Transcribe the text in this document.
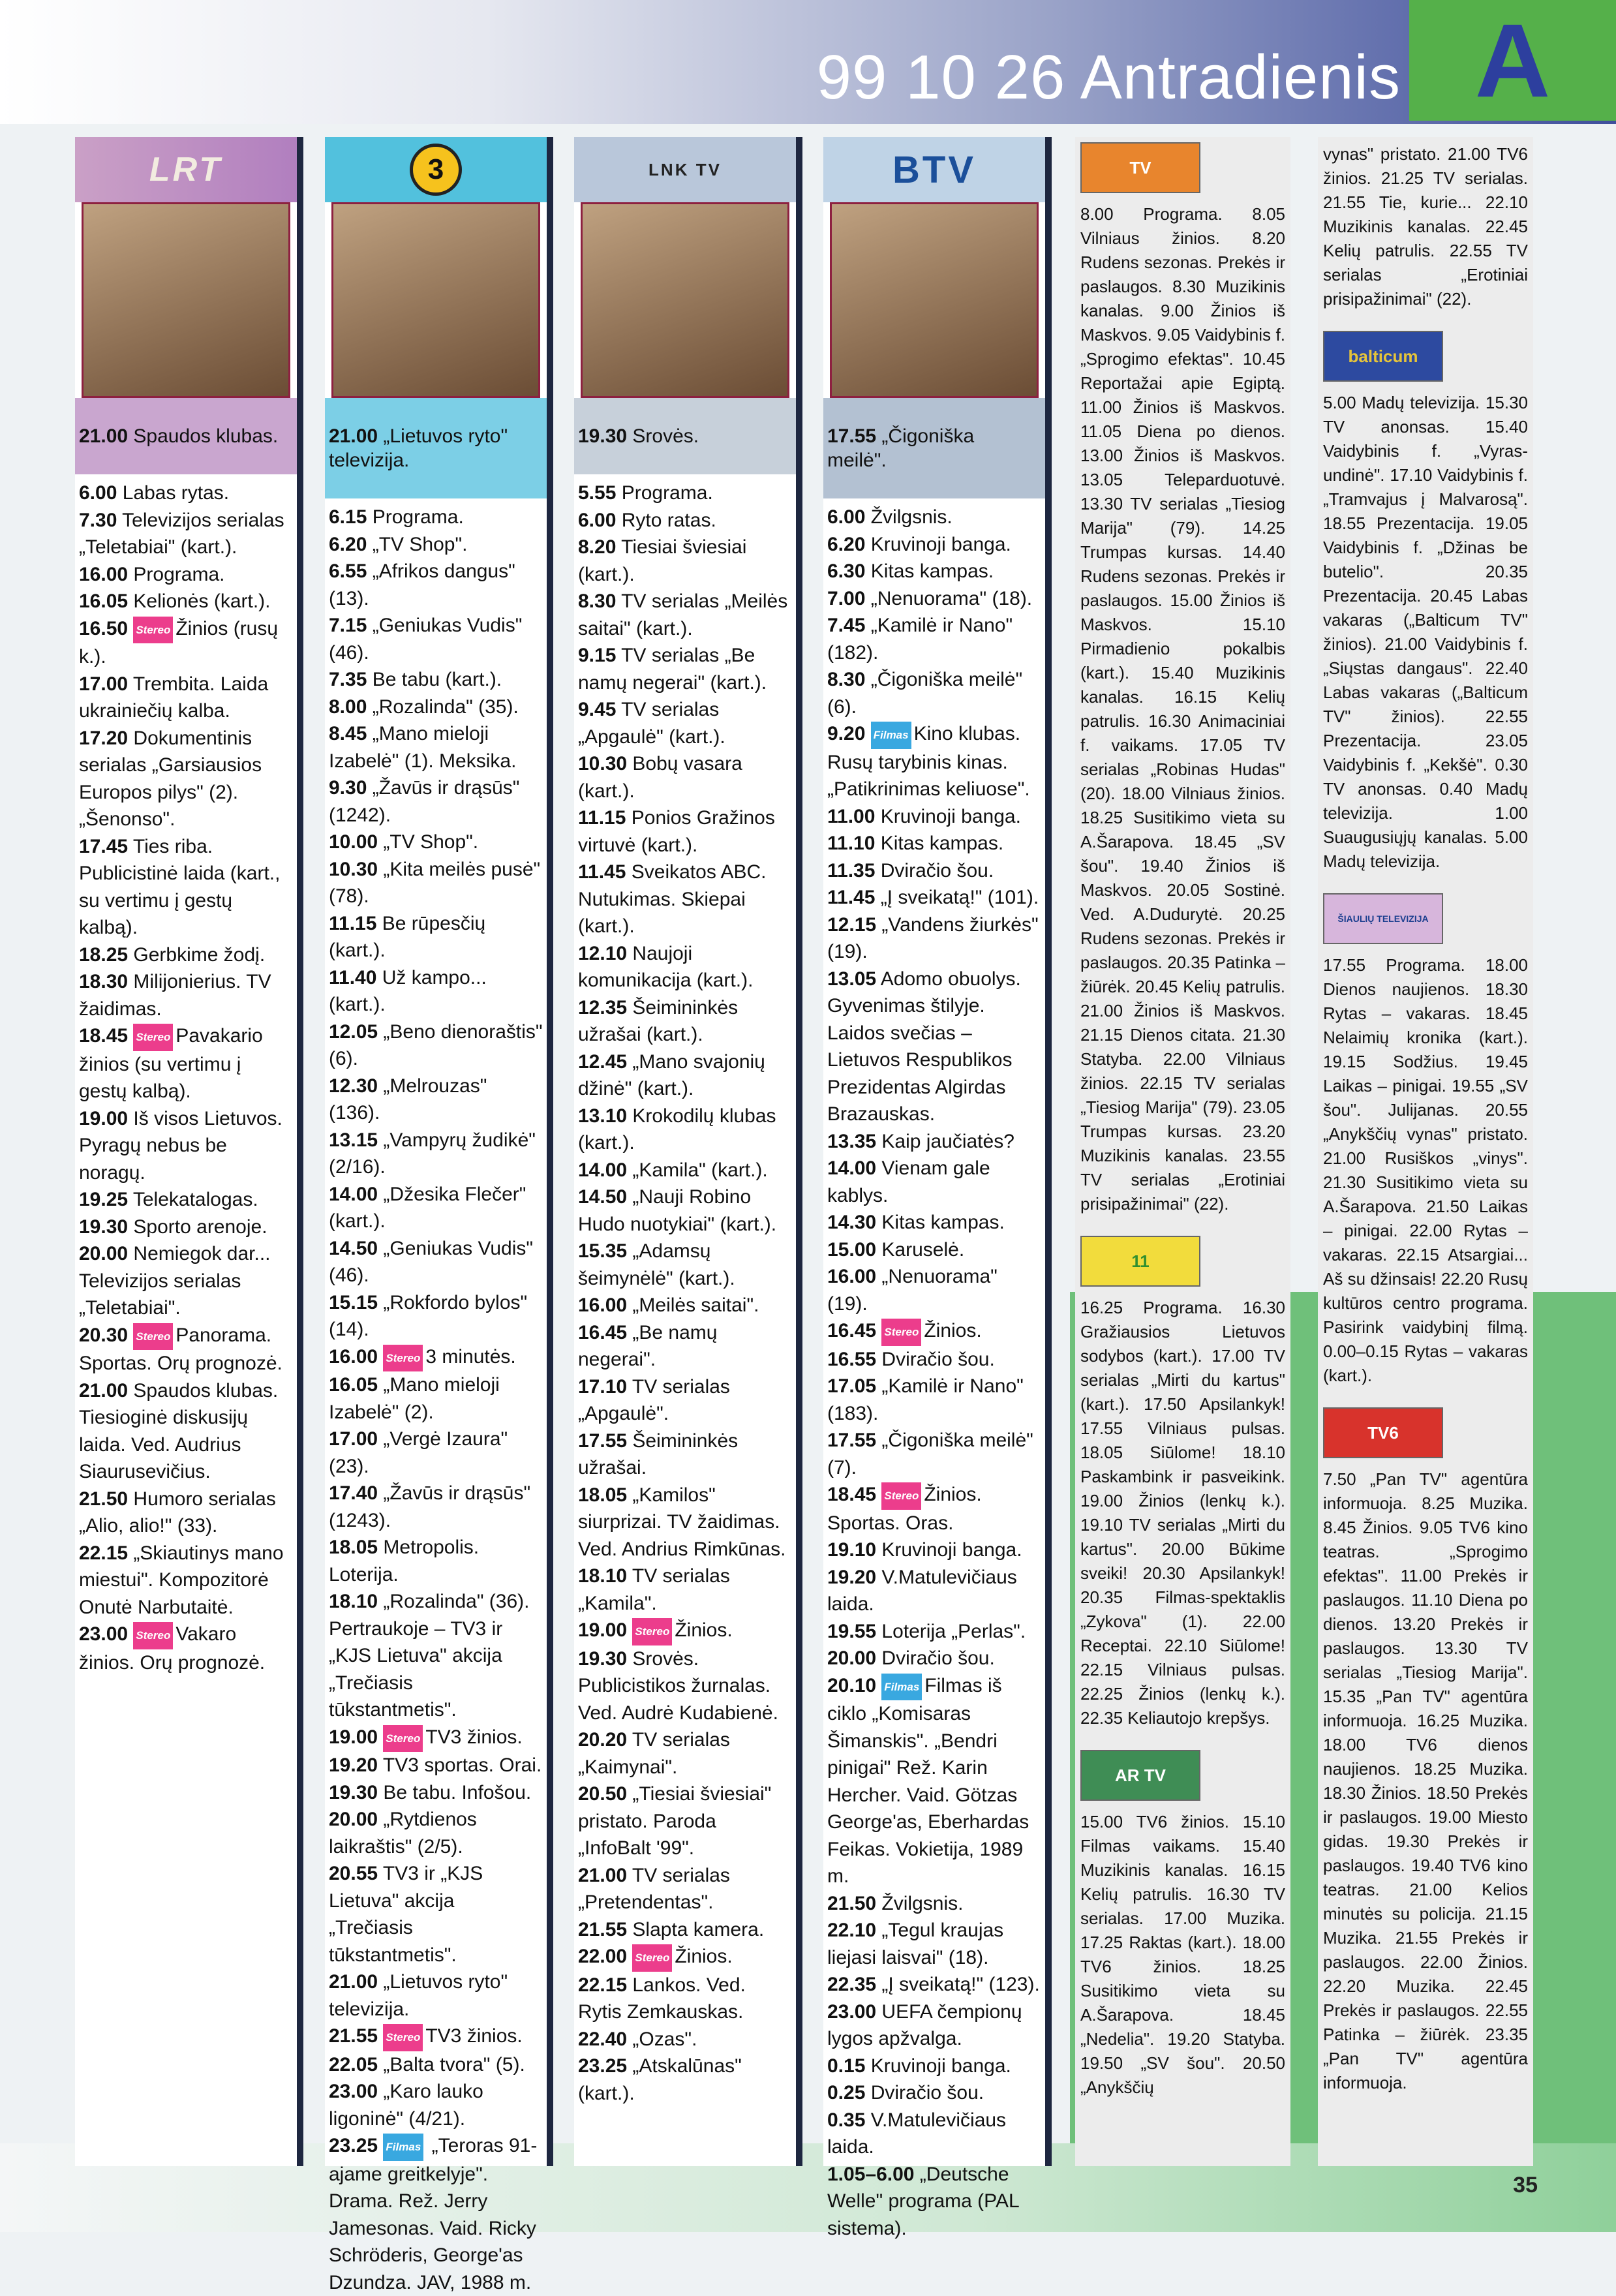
99 10 26 Antradienis A
35
LRT

21.00 Spaudos klubas.

6.00 Labas rytas.

7.30 Televizijos serialas „Teletabiai" (kart.).

16.00 Programa.

16.05 Kelionės (kart.).

16.50 Stereo Žinios (rusų k.).

17.00 Trembita. Laida ukrainiečių kalba.

17.20 Dokumentinis serialas „Garsiausios Europos pilys" (2). „Šenonso".

17.45 Ties riba. Publicistinė laida (kart., su vertimu į gestų kalbą).

18.25 Gerbkime žodį.

18.30 Milijonierius. TV žaidimas.

18.45 Stereo Pavakario žinios (su vertimu į gestų kalbą).

19.00 Iš visos Lietuvos. Pyragų nebus be noragų.

19.25 Telekatalogas.

19.30 Sporto arenoje.

20.00 Nemiegok dar... Televizijos serialas „Teletabiai".

20.30 Stereo Panorama. Sportas. Orų prognozė.

21.00 Spaudos klubas. Tiesioginė diskusijų laida. Ved. Audrius Siaurusevičius.

21.50 Humoro serialas „Alio, alio!" (33).

22.15 „Skiautinys mano miestui". Kompozitorė Onutė Narbutaitė.

23.00 Stereo Vakaro žinios. Orų prognozė.

3

21.00 „Lietuvos ryto" televizija.

6.15 Programa.

6.20 „TV Shop".

6.55 „Afrikos dangus" (13).

7.15 „Geniukas Vudis" (46).

7.35 Be tabu (kart.).

8.00 „Rozalinda" (35).

8.45 „Mano mieloji Izabelė" (1). Meksika.

9.30 „Žavūs ir drąsūs" (1242).

10.00 „TV Shop".

10.30 „Kita meilės pusė" (78).

11.15 Be rūpesčių (kart.).

11.40 Už kampo... (kart.).

12.05 „Beno dienoraštis" (6).

12.30 „Melrouzas" (136).

13.15 „Vampyrų žudikė" (2/16).

14.00 „Džesika Flečer" (kart.).

14.50 „Geniukas Vudis" (46).

15.15 „Rokfordo bylos" (14).

16.00 Stereo 3 minutės.

16.05 „Mano mieloji Izabelė" (2).

17.00 „Vergė Izaura" (23).

17.40 „Žavūs ir drąsūs" (1243).

18.05 Metropolis. Loterija.

18.10 „Rozalinda" (36). Pertraukoje – TV3 ir „KJS Lietuva" akcija „Trečiasis tūkstantmetis".

19.00 Stereo TV3 žinios.

19.20 TV3 sportas. Orai.

19.30 Be tabu. Infošou.

20.00 „Rytdienos laikraštis" (2/5).

20.55 TV3 ir „KJS Lietuva" akcija „Trečiasis tūkstantmetis".

21.00 „Lietuvos ryto" televizija.

21.55 Stereo TV3 žinios.

22.05 „Balta tvora" (5).

23.00 „Karo lauko ligoninė" (4/21).

23.25 Filmas „Teroras 91-ajame greitkelyje". Drama. Rež. Jerry Jamesonas. Vaid. Ricky Schröderis, George'as Dzundza. JAV, 1988 m.

LNK TV

19.30 Srovės.

5.55 Programa.

6.00 Ryto ratas.

8.20 Tiesiai šviesiai (kart.).

8.30 TV serialas „Meilės saitai" (kart.).

9.15 TV serialas „Be namų negerai" (kart.).

9.45 TV serialas „Apgaulė" (kart.).

10.30 Bobų vasara (kart.).

11.15 Ponios Gražinos virtuvė (kart.).

11.45 Sveikatos ABC. Nutukimas. Skiepai (kart.).

12.10 Naujoji komunikacija (kart.).

12.35 Šeimininkės užrašai (kart.).

12.45 „Mano svajonių džinė" (kart.).

13.10 Krokodilų klubas (kart.).

14.00 „Kamila" (kart.).

14.50 „Nauji Robino Hudo nuotykiai" (kart.).

15.35 „Adamsų šeimynėlė" (kart.).

16.00 „Meilės saitai".

16.45 „Be namų negerai".

17.10 TV serialas „Apgaulė".

17.55 Šeimininkės užrašai.

18.05 „Kamilos" siurprizai. TV žaidimas. Ved. Andrius Rimkūnas.

18.10 TV serialas „Kamila".

19.00 Stereo Žinios.

19.30 Srovės. Publicistikos žurnalas. Ved. Audrė Kudabienė.

20.20 TV serialas „Kaimynai".

20.50 „Tiesiai šviesiai" pristato. Paroda „InfoBalt '99".

21.00 TV serialas „Pretendentas".

21.55 Slapta kamera.

22.00 Stereo Žinios.

22.15 Lankos. Ved. Rytis Zemkauskas.

22.40 „Ozas".

23.25 „Atskalūnas" (kart.).

BTV

17.55 „Čigoniška meilė".

6.00 Žvilgsnis.

6.20 Kruvinoji banga.

6.30 Kitas kampas.

7.00 „Nenuorama" (18).

7.45 „Kamilė ir Nano" (182).

8.30 „Čigoniška meilė" (6).

9.20 Filmas Kino klubas. Rusų tarybinis kinas. „Patikrinimas keliuose".

11.00 Kruvinoji banga.

11.10 Kitas kampas.

11.35 Dviračio šou.

11.45 „Į sveikatą!" (101).

12.15 „Vandens žiurkės" (19).

13.05 Adomo obuolys. Gyvenimas štilyje. Laidos svečias – Lietuvos Respublikos Prezidentas Algirdas Brazauskas.

13.35 Kaip jaučiatės?

14.00 Vienam gale kablys.

14.30 Kitas kampas.

15.00 Karuselė.

16.00 „Nenuorama" (19).

16.45 Stereo Žinios.

16.55 Dviračio šou.

17.05 „Kamilė ir Nano" (183).

17.55 „Čigoniška meilė" (7).

18.45 Stereo Žinios. Sportas. Oras.

19.10 Kruvinoji banga.

19.20 V.Matulevičiaus laida.

19.55 Loterija „Perlas".

20.00 Dviračio šou.

20.10 Filmas Filmas iš ciklo „Komisaras Šimanskis". „Bendri pinigai" Rež. Karin Hercher. Vaid. Götzas George'as, Eberhardas Feikas. Vokietija, 1989 m.

21.50 Žvilgsnis.

22.10 „Tegul kraujas liejasi laisvai" (18).

22.35 „Į sveikatą!" (123).

23.00 UEFA čempionų lygos apžvalga.

0.15 Kruvinoji banga.

0.25 Dviračio šou.

0.35 V.Matulevičiaus laida.

1.05–6.00 „Deutsche Welle" programa (PAL sistema).

TV

8.00 Programa. 8.05 Vilniaus žinios. 8.20 Rudens sezonas. Prekės ir paslaugos. 8.30 Muzikinis kanalas. 9.00 Žinios iš Maskvos. 9.05 Vaidybinis f. „Sprogimo efektas". 10.45 Reportažai apie Egiptą. 11.00 Žinios iš Maskvos. 11.05 Diena po dienos. 13.00 Žinios iš Maskvos. 13.05 Teleparduotuvė. 13.30 TV serialas „Tiesiog Marija" (79). 14.25 Trumpas kursas. 14.40 Rudens sezonas. Prekės ir paslaugos. 15.00 Žinios iš Maskvos. 15.10 Pirmadienio pokalbis (kart.). 15.40 Muzikinis kanalas. 16.15 Kelių patrulis. 16.30 Animaciniai f. vaikams. 17.05 TV serialas „Robinas Hudas" (20). 18.00 Vilniaus žinios. 18.25 Susitikimo vieta su A.Šarapova. 18.45 „SV šou". 19.40 Žinios iš Maskvos. 20.05 Sostinė. Ved. A.Dudurytė. 20.25 Rudens sezonas. Prekės ir paslaugos. 20.35 Patinka – žiūrėk. 20.45 Kelių patrulis. 21.00 Žinios iš Maskvos. 21.15 Dienos citata. 21.30 Statyba. 22.00 Vilniaus žinios. 22.15 TV serialas „Tiesiog Marija" (79). 23.05 Trumpas kursas. 23.20 Muzikinis kanalas. 23.55 TV serialas „Erotiniai prisipažinimai" (22).

11

16.25 Programa. 16.30 Gražiausios Lietuvos sodybos (kart.). 17.00 TV serialas „Mirti du kartus" (kart.). 17.50 Apsilankyk! 17.55 Vilniaus pulsas. 18.05 Siūlome! 18.10 Paskambink ir pasveikink. 19.00 Žinios (lenkų k.). 19.10 TV serialas „Mirti du kartus". 20.00 Būkime sveiki! 20.30 Apsilankyk! 20.35 Filmas-spektaklis „Zykova" (1). 22.00 Receptai. 22.10 Siūlome! 22.15 Vilniaus pulsas. 22.25 Žinios (lenkų k.). 22.35 Keliautojo krepšys.

AR TV

15.00 TV6 žinios. 15.10 Filmas vaikams. 15.40 Muzikinis kanalas. 16.15 Kelių patrulis. 16.30 TV serialas. 17.00 Muzika. 17.25 Raktas (kart.). 18.00 TV6 žinios. 18.25 Susitikimo vieta su A.Šarapova. 18.45 „Nedelia". 19.20 Statyba. 19.50 „SV šou". 20.50 „Anykščių

vynas" pristato. 21.00 TV6 žinios. 21.25 TV serialas. 21.55 Tie, kurie... 22.10 Muzikinis kanalas. 22.45 Kelių patrulis. 22.55 TV serialas „Erotiniai prisipažinimai" (22).

balticum

5.00 Madų televizija. 15.30 TV anonsas. 15.40 Vaidybinis f. „Vyras-undinė". 17.10 Vaidybinis f. „Tramvajus į Malvarosą". 18.55 Prezentacija. 19.05 Vaidybinis f. „Džinas be butelio". 20.35 Prezentacija. 20.45 Labas vakaras („Balticum TV" žinios). 21.00 Vaidybinis f. „Siųstas dangaus". 22.40 Labas vakaras („Balticum TV" žinios). 22.55 Prezentacija. 23.05 Vaidybinis f. „Kekšė". 0.30 TV anonsas. 0.40 Madų televizija. 1.00 Suaugusiųjų kanalas. 5.00 Madų televizija.

ŠIAULIŲ TELEVIZIJA

17.55 Programa. 18.00 Dienos naujienos. 18.30 Rytas – vakaras. 18.45 Nelaimių kronika (kart.). 19.15 Sodžius. 19.45 Laikas – pinigai. 19.55 „SV šou". Julijanas. 20.55 „Anykščių vynas" pristato. 21.00 Rusiškos „vinys". 21.30 Susitikimo vieta su A.Šarapova. 21.50 Laikas – pinigai. 22.00 Rytas – vakaras. 22.15 Atsargiai... Aš su džinsais! 22.20 Rusų kultūros centro programa. Pasirink vaidybinį filmą. 0.00–0.15 Rytas – vakaras (kart.).

TV6

7.50 „Pan TV" agentūra informuoja. 8.25 Muzika. 8.45 Žinios. 9.05 TV6 kino teatras. „Sprogimo efektas". 11.00 Prekės ir paslaugos. 11.10 Diena po dienos. 13.20 Prekės ir paslaugos. 13.30 TV serialas „Tiesiog Marija". 15.35 „Pan TV" agentūra informuoja. 16.25 Muzika. 18.00 TV6 dienos naujienos. 18.25 Muzika. 18.30 Žinios. 18.50 Prekės ir paslaugos. 19.00 Miesto gidas. 19.30 Prekės ir paslaugos. 19.40 TV6 kino teatras. 21.00 Kelios minutės su policija. 21.15 Muzika. 21.55 Prekės ir paslaugos. 22.00 Žinios. 22.20 Muzika. 22.45 Prekės ir paslaugos. 22.55 Patinka – žiūrėk. 23.35 „Pan TV" agentūra informuoja.
